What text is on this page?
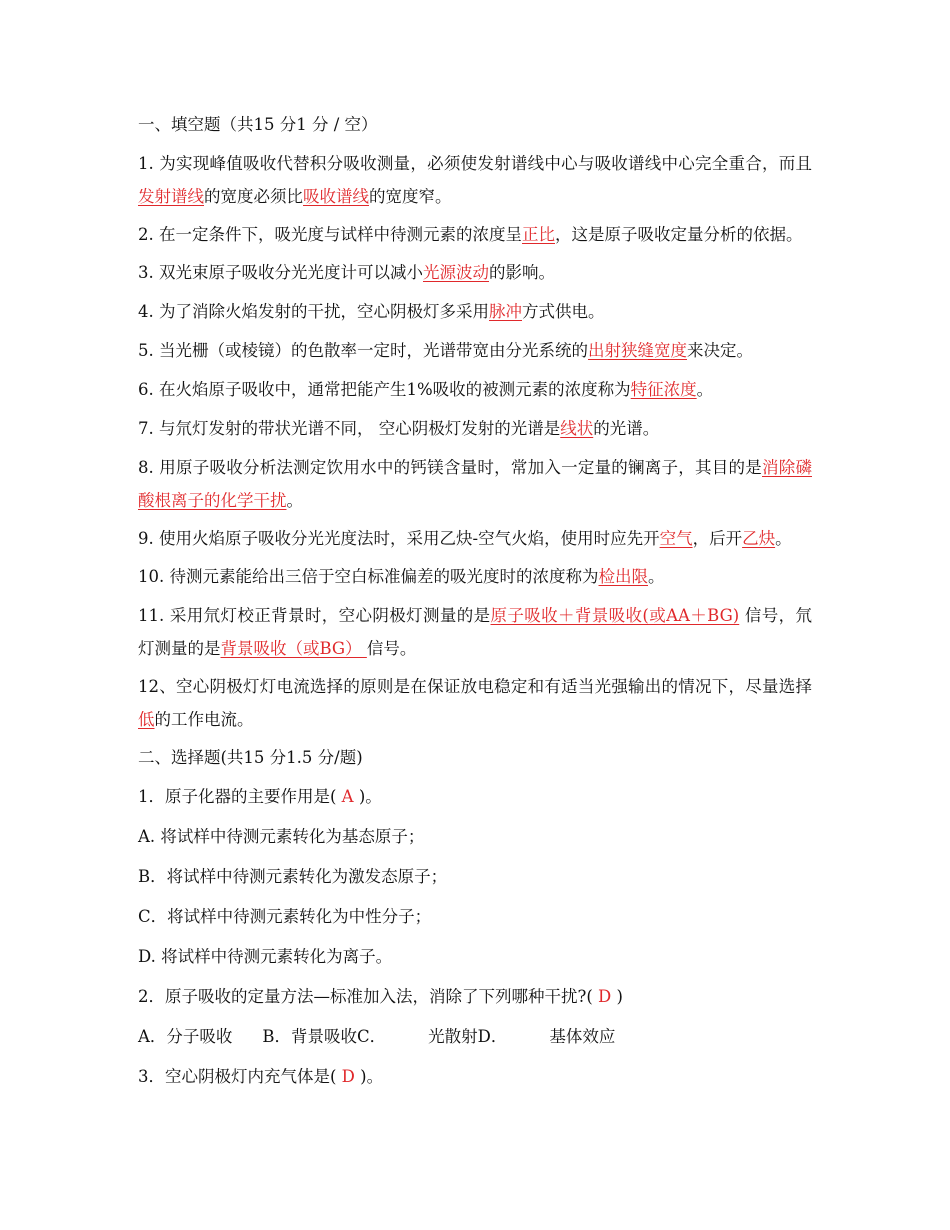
一、填空题（共15 分1 分 / 空）

1. 为实现峰值吸收代替积分吸收测量，必须使发射谱线中心与吸收谱线中心完全重合，而且发射谱线的宽度必须比吸收谱线的宽度窄。

2. 在一定条件下，吸光度与试样中待测元素的浓度呈正比，这是原子吸收定量分析的依据。

3. 双光束原子吸收分光光度计可以减小光源波动的影响。

4. 为了消除火焰发射的干扰，空心阴极灯多采用脉冲方式供电。

5. 当光栅（或棱镜）的色散率一定时，光谱带宽由分光系统的出射狭缝宽度来决定。

6. 在火焰原子吸收中，通常把能产生1%吸收的被测元素的浓度称为特征浓度。

7. 与氘灯发射的带状光谱不同， 空心阴极灯发射的光谱是线状的光谱。

8. 用原子吸收分析法测定饮用水中的钙镁含量时，常加入一定量的镧离子，其目的是消除磷酸根离子的化学干扰。

9. 使用火焰原子吸收分光光度法时，采用乙炔-空气火焰，使用时应先开空气，后开乙炔。

10. 待测元素能给出三倍于空白标准偏差的吸光度时的浓度称为检出限。

11. 采用氘灯校正背景时，空心阴极灯测量的是原子吸收＋背景吸收(或AA＋BG) 信号，氘灯测量的是背景吸收（或BG） 信号。

12、空心阴极灯灯电流选择的原则是在保证放电稳定和有适当光强输出的情况下，尽量选择低的工作电流。

二、选择题(共15 分1.5 分/题)
1．原子化器的主要作用是( A )。
A. 将试样中待测元素转化为基态原子；
B．将试样中待测元素转化为激发态原子；
C．将试样中待测元素转化为中性分子；
D. 将试样中待测元素转化为离子。
2．原子吸收的定量方法—标准加入法，消除了下列哪种干扰?( D )
A．分子吸收 B．背景吸收C．	光散射D．	基体效应
3．空心阴极灯内充气体是( D )。
